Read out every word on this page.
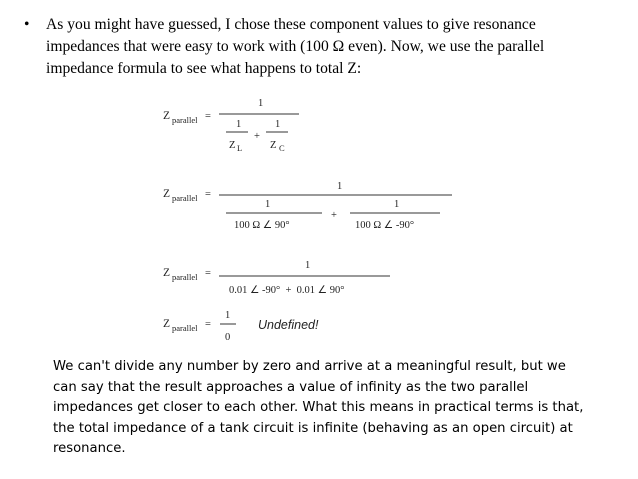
• As you might have guessed, I chose these component values to give resonance
impedances that were easy to work with (100 Ω even). Now, we use the parallel
impedance formula to see what happens to total Z:
Z parallel =
1
1
Z L
+
1
Z C
Z parallel =
1
1
100 Ω ∠ 90°
+
1
100 Ω ∠ -90°
Z parallel =
1
0.01 ∠ -90°  +  0.01 ∠ 90°
Z parallel =
1
0
Undefined!
We can't divide any number by zero and arrive at a meaningful result, but we
can say that the result approaches a value of infinity as the two parallel
impedances get closer to each other. What this means in practical terms is that,
the total impedance of a tank circuit is infinite (behaving as an open circuit) at
resonance.
